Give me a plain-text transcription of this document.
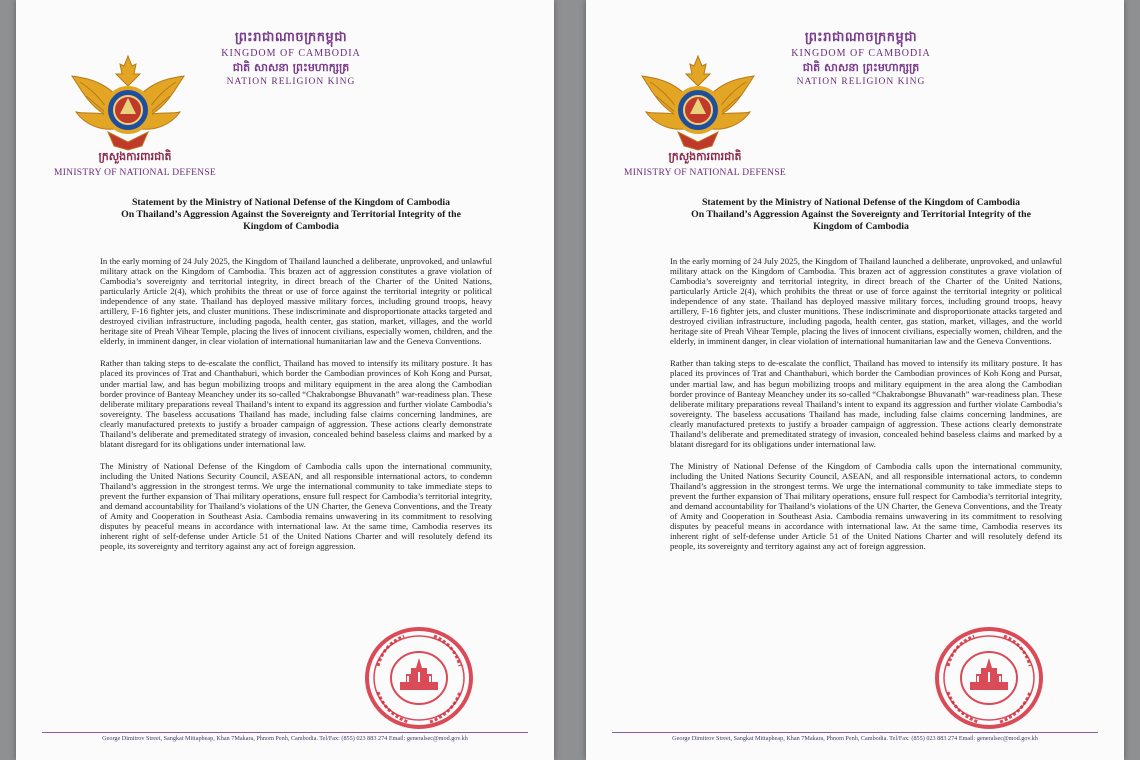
ព្រះរាជាណាចក្រកម្ពុជា
KINGDOM OF CAMBODIA
ជាតិ សាសនា ព្រះមហាក្សត្រ
NATION RELIGION KING
ក្រសួងការពារជាតិ
MINISTRY OF NATIONAL DEFENSE
Statement by the Ministry of National Defense of the Kingdom of Cambodia
On Thailand’s Aggression Against the Sovereignty and Territorial Integrity of the
Kingdom of Cambodia

In the early morning of 24 July 2025, the Kingdom of Thailand launched a deliberate, unprovoked, and unlawful military attack on the Kingdom of Cambodia. This brazen act of aggression constitutes a grave violation of Cambodia’s sovereignty and territorial integrity, in direct breach of the Charter of the United Nations, particularly Article 2(4), which prohibits the threat or use of force against the territorial integrity or political independence of any state. Thailand has deployed massive military forces, including ground troops, heavy artillery, F-16 fighter jets, and cluster munitions. These indiscriminate and disproportionate attacks targeted and destroyed civilian infrastructure, including pagoda, health center, gas station, market, villages, and the world heritage site of Preah Vihear Temple, placing the lives of innocent civilians, especially women, children, and the elderly, in imminent danger, in clear violation of international humanitarian law and the Geneva Conventions.

Rather than taking steps to de-escalate the conflict, Thailand has moved to intensify its military posture. It has placed its provinces of Trat and Chanthaburi, which border the Cambodian provinces of Koh Kong and Pursat, under martial law, and has begun mobilizing troops and military equipment in the area along the Cambodian border province of Banteay Meanchey under its so-called “Chakrabongse Bhuvanath” war-readiness plan. These deliberate military preparations reveal Thailand’s intent to expand its aggression and further violate Cambodia’s sovereignty. The baseless accusations Thailand has made, including false claims concerning landmines, are clearly manufactured pretexts to justify a broader campaign of aggression. These actions clearly demonstrate Thailand’s deliberate and premeditated strategy of invasion, concealed behind baseless claims and marked by a blatant disregard for its obligations under international law.

The Ministry of National Defense of the Kingdom of Cambodia calls upon the international community, including the United Nations Security Council, ASEAN, and all responsible international actors, to condemn Thailand’s aggression in the strongest terms. We urge the international community to take immediate steps to prevent the further expansion of Thai military operations, ensure full respect for Cambodia’s territorial integrity, and demand accountability for Thailand’s violations of the UN Charter, the Geneva Conventions, and the Treaty of Amity and Cooperation in Southeast Asia. Cambodia remains unwavering in its commitment to resolving disputes by peaceful means in accordance with international law. At the same time, Cambodia reserves its inherent right of self-defense under Article 51 of the United Nations Charter and will resolutely defend its people, its sovereignty and territory against any act of foreign aggression.

George Dimitrov Street, Sangkat Mittapheap, Khan 7Makara, Phnom Penh, Cambodia. Tel/Fax: (855) 023 883 274 Email: generalsec@mod.gov.kh
ព្រះរាជាណាចក្រកម្ពុជា
KINGDOM OF CAMBODIA
ជាតិ សាសនា ព្រះមហាក្សត្រ
NATION RELIGION KING
ក្រសួងការពារជាតិ
MINISTRY OF NATIONAL DEFENSE
Statement by the Ministry of National Defense of the Kingdom of Cambodia
On Thailand’s Aggression Against the Sovereignty and Territorial Integrity of the
Kingdom of Cambodia

In the early morning of 24 July 2025, the Kingdom of Thailand launched a deliberate, unprovoked, and unlawful military attack on the Kingdom of Cambodia. This brazen act of aggression constitutes a grave violation of Cambodia’s sovereignty and territorial integrity, in direct breach of the Charter of the United Nations, particularly Article 2(4), which prohibits the threat or use of force against the territorial integrity or political independence of any state. Thailand has deployed massive military forces, including ground troops, heavy artillery, F-16 fighter jets, and cluster munitions. These indiscriminate and disproportionate attacks targeted and destroyed civilian infrastructure, including pagoda, health center, gas station, market, villages, and the world heritage site of Preah Vihear Temple, placing the lives of innocent civilians, especially women, children, and the elderly, in imminent danger, in clear violation of international humanitarian law and the Geneva Conventions.

Rather than taking steps to de-escalate the conflict, Thailand has moved to intensify its military posture. It has placed its provinces of Trat and Chanthaburi, which border the Cambodian provinces of Koh Kong and Pursat, under martial law, and has begun mobilizing troops and military equipment in the area along the Cambodian border province of Banteay Meanchey under its so-called “Chakrabongse Bhuvanath” war-readiness plan. These deliberate military preparations reveal Thailand’s intent to expand its aggression and further violate Cambodia’s sovereignty. The baseless accusations Thailand has made, including false claims concerning landmines, are clearly manufactured pretexts to justify a broader campaign of aggression. These actions clearly demonstrate Thailand’s deliberate and premeditated strategy of invasion, concealed behind baseless claims and marked by a blatant disregard for its obligations under international law.

The Ministry of National Defense of the Kingdom of Cambodia calls upon the international community, including the United Nations Security Council, ASEAN, and all responsible international actors, to condemn Thailand’s aggression in the strongest terms. We urge the international community to take immediate steps to prevent the further expansion of Thai military operations, ensure full respect for Cambodia’s territorial integrity, and demand accountability for Thailand’s violations of the UN Charter, the Geneva Conventions, and the Treaty of Amity and Cooperation in Southeast Asia. Cambodia remains unwavering in its commitment to resolving disputes by peaceful means in accordance with international law. At the same time, Cambodia reserves its inherent right of self-defense under Article 51 of the United Nations Charter and will resolutely defend its people, its sovereignty and territory against any act of foreign aggression.

George Dimitrov Street, Sangkat Mittapheap, Khan 7Makara, Phnom Penh, Cambodia. Tel/Fax: (855) 023 883 274 Email: generalsec@mod.gov.kh
